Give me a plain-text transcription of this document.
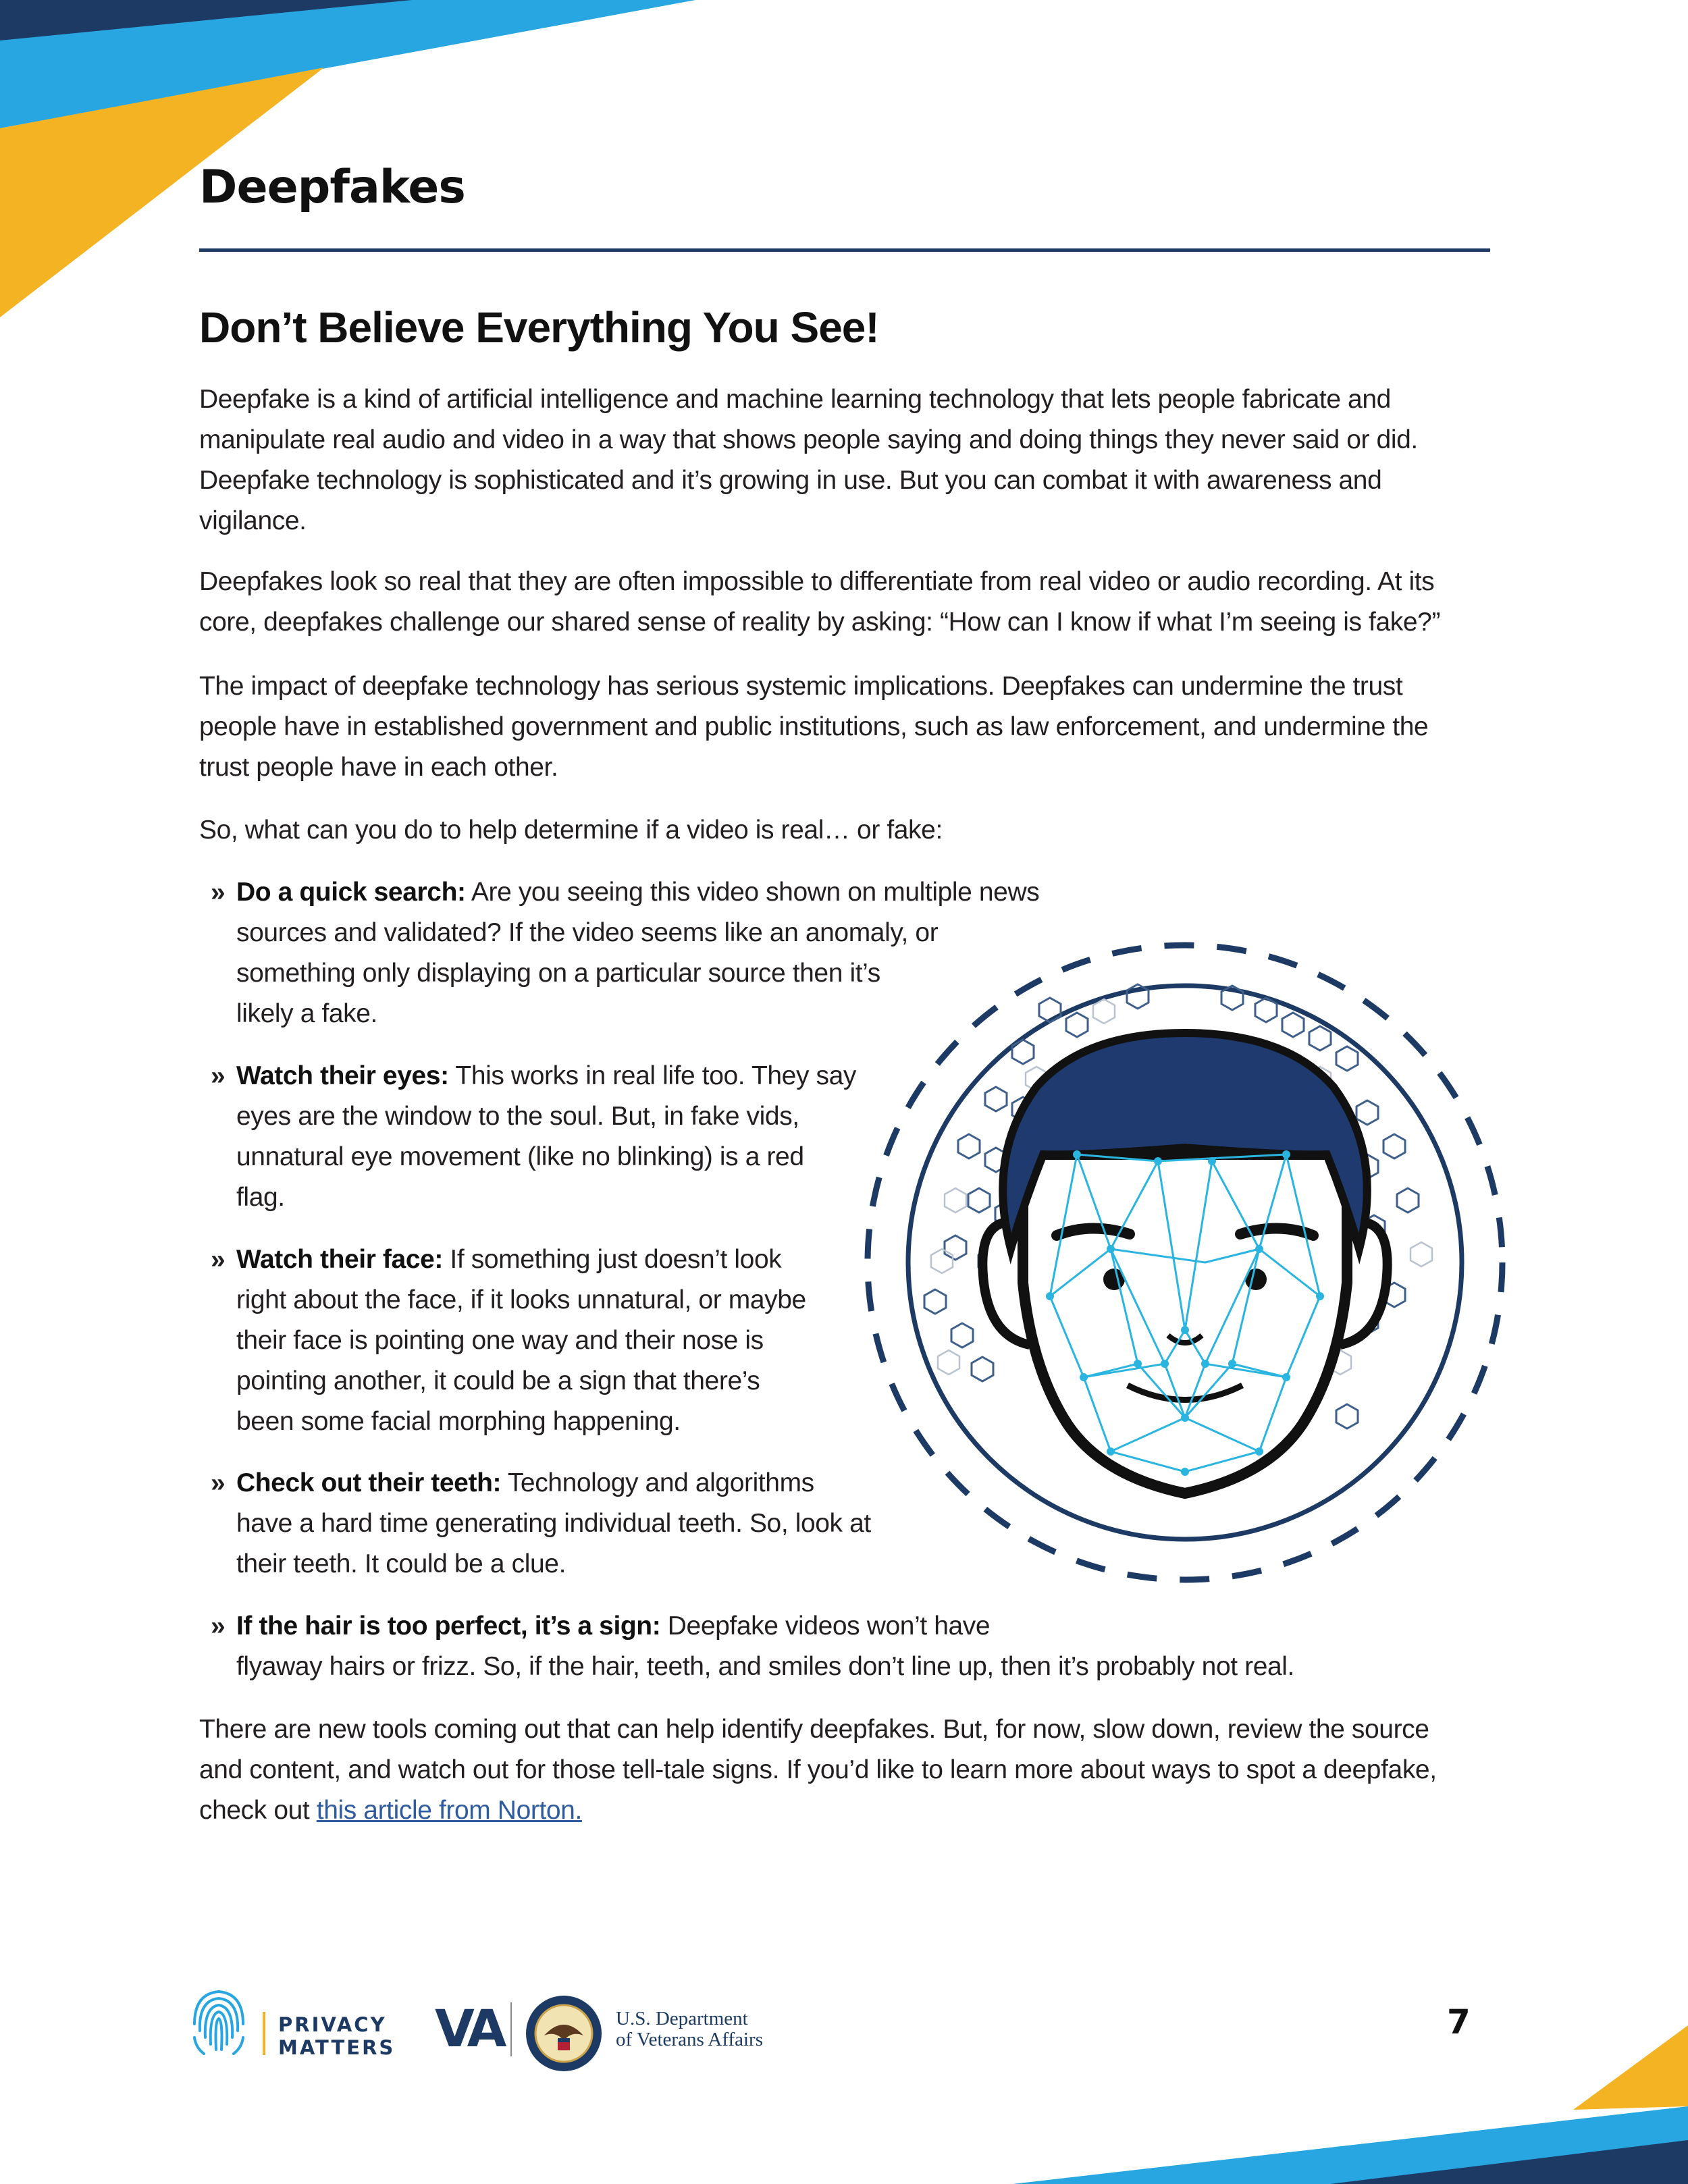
Deepfakes
Don’t Believe Everything You See!

Deepfake is a kind of artificial intelligence and machine learning technology that lets people fabricate and
manipulate real audio and video in a way that shows people saying and doing things they never said or did.
Deepfake technology is sophisticated and it’s growing in use. But you can combat it with awareness and
vigilance.

Deepfakes look so real that they are often impossible to differentiate from real video or audio recording. At its
core, deepfakes challenge our shared sense of reality by asking: “How can I know if what I’m seeing is fake?”

The impact of deepfake technology has serious systemic implications. Deepfakes can undermine the trust
people have in established government and public institutions, such as law enforcement, and undermine the
trust people have in each other.

So, what can you do to help determine if a video is real… or fake:

» Do a quick search: Are you seeing this video shown on multiple news
sources and validated? If the video seems like an anomaly, or
something only displaying on a particular source then it’s
likely a fake.
» Watch their eyes: This works in real life too. They say
eyes are the window to the soul. But, in fake vids,
unnatural eye movement (like no blinking) is a red
flag.
» Watch their face: If something just doesn’t look
right about the face, if it looks unnatural, or maybe
their face is pointing one way and their nose is
pointing another, it could be a sign that there’s
been some facial morphing happening.
» Check out their teeth: Technology and algorithms
have a hard time generating individual teeth. So, look at
their teeth. It could be a clue.
» If the hair is too perfect, it’s a sign: Deepfake videos won’t have
flyaway hairs or frizz. So, if the hair, teeth, and smiles don’t line up, then it’s probably not real.

There are new tools coming out that can help identify deepfakes. But, for now, slow down, review the source
and content, and watch out for those tell-tale signs. If you’d like to learn more about ways to spot a deepfake,
check out this article from Norton.

PRIVACY
MATTERS VA	U.S. Department
of Veterans Affairs	7
